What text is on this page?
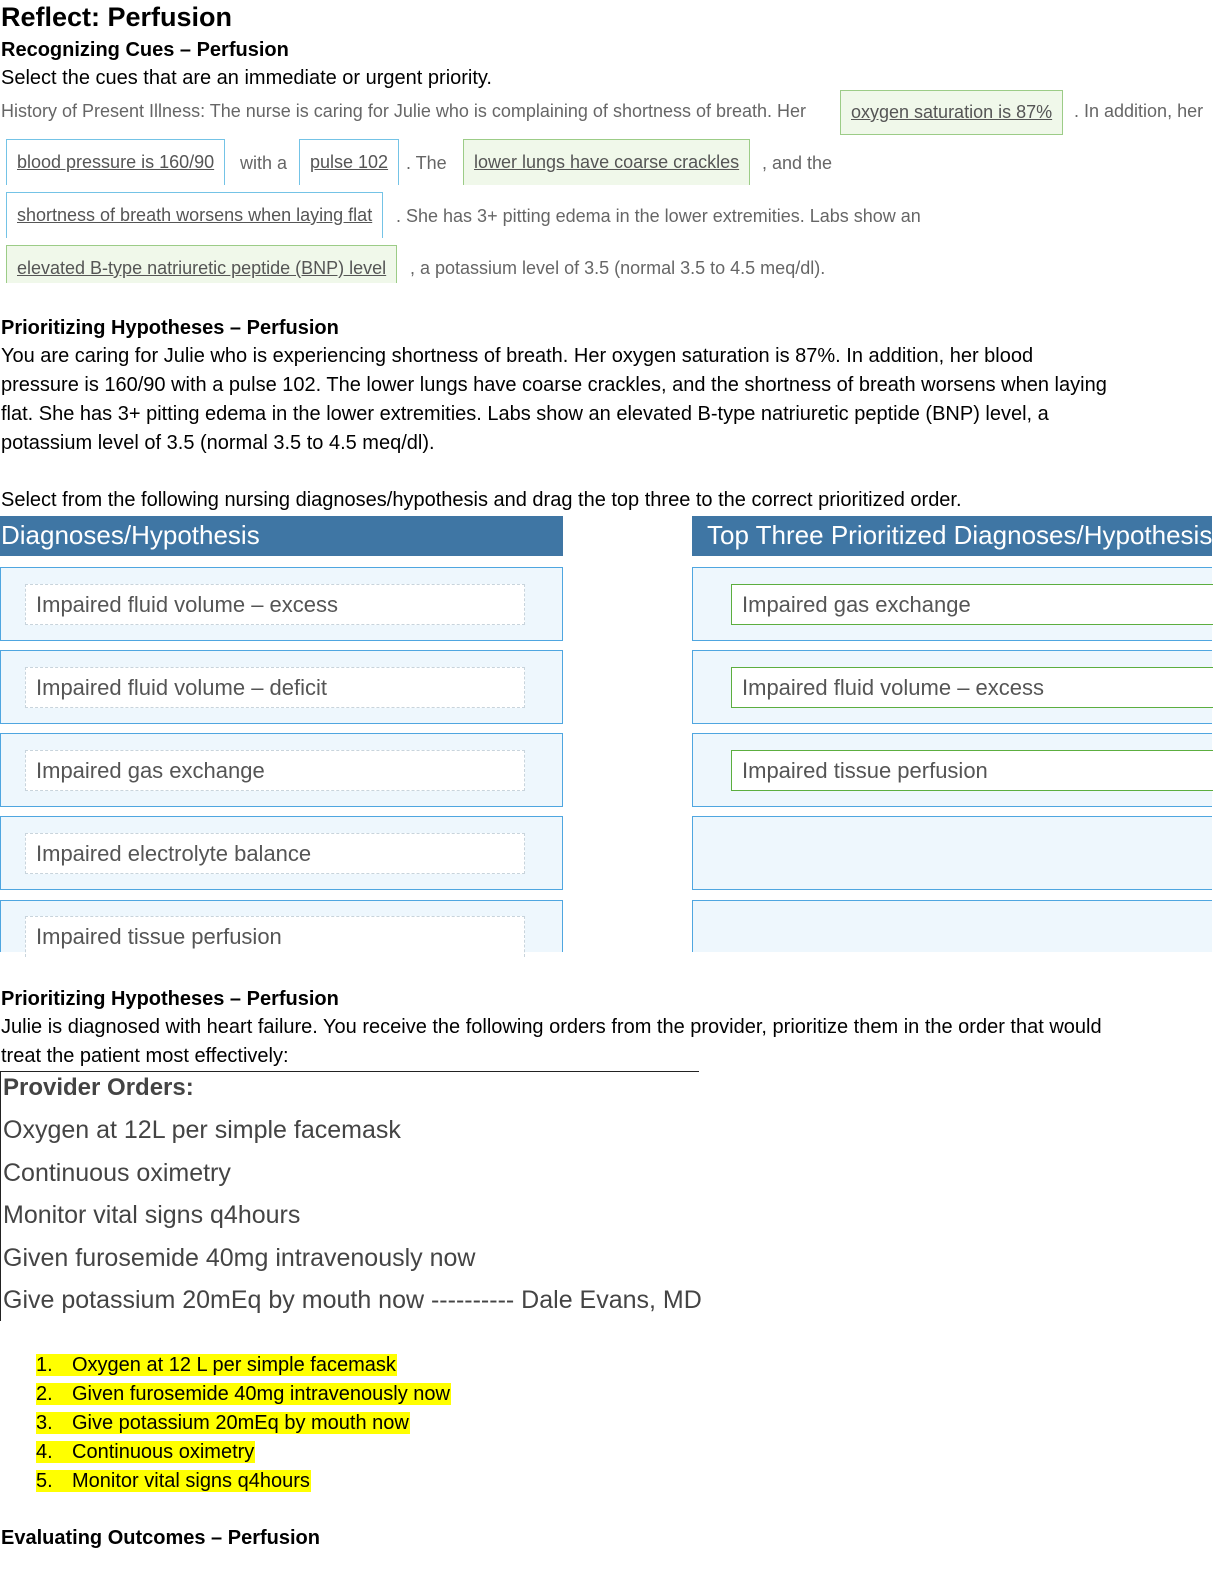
Reflect: Perfusion
Recognizing Cues – Perfusion
Select the cues that are an immediate or urgent priority.
History of Present Illness: The nurse is caring for Julie who is complaining of shortness of breath. Her	oxygen saturation is 87%	. In addition, her
blood pressure is 160/90	with a	pulse 102 . The	lower lungs have coarse crackles	, and the
shortness of breath worsens when laying flat	. She has 3+ pitting edema in the lower extremities. Labs show an
elevated B-type natriuretic peptide (BNP) level	, a potassium level of 3.5 (normal 3.5 to 4.5 meq/dl).
Prioritizing Hypotheses – Perfusion
You are caring for Julie who is experiencing shortness of breath. Her oxygen saturation is 87%. In addition, her blood
pressure is 160/90 with a pulse 102. The lower lungs have coarse crackles, and the shortness of breath worsens when laying
flat. She has 3+ pitting edema in the lower extremities. Labs show an elevated B-type natriuretic peptide (BNP) level, a
potassium level of 3.5 (normal 3.5 to 4.5 meq/dl).
Select from the following nursing diagnoses/hypothesis and drag the top three to the correct prioritized order.
Diagnoses/Hypothesis	Top Three Prioritized Diagnoses/Hypothesis
Impaired fluid volume – excess
Impaired fluid volume – deficit
Impaired gas exchange
Impaired electrolyte balance
Impaired tissue perfusion
Impaired gas exchange
Impaired fluid volume – excess
Impaired tissue perfusion
Prioritizing Hypotheses – Perfusion
Julie is diagnosed with heart failure. You receive the following orders from the provider, prioritize them in the order that would
treat the patient most effectively:
Provider Orders:
Oxygen at 12L per simple facemask
Continuous oximetry
Monitor vital signs q4hours
Given furosemide 40mg intravenously now
Give potassium 20mEq by mouth now ---------- Dale Evans, MD
1. Oxygen at 12 L per simple facemask
2. Given furosemide 40mg intravenously now
3. Give potassium 20mEq by mouth now
4. Continuous oximetry
5. Monitor vital signs q4hours
Evaluating Outcomes – Perfusion
